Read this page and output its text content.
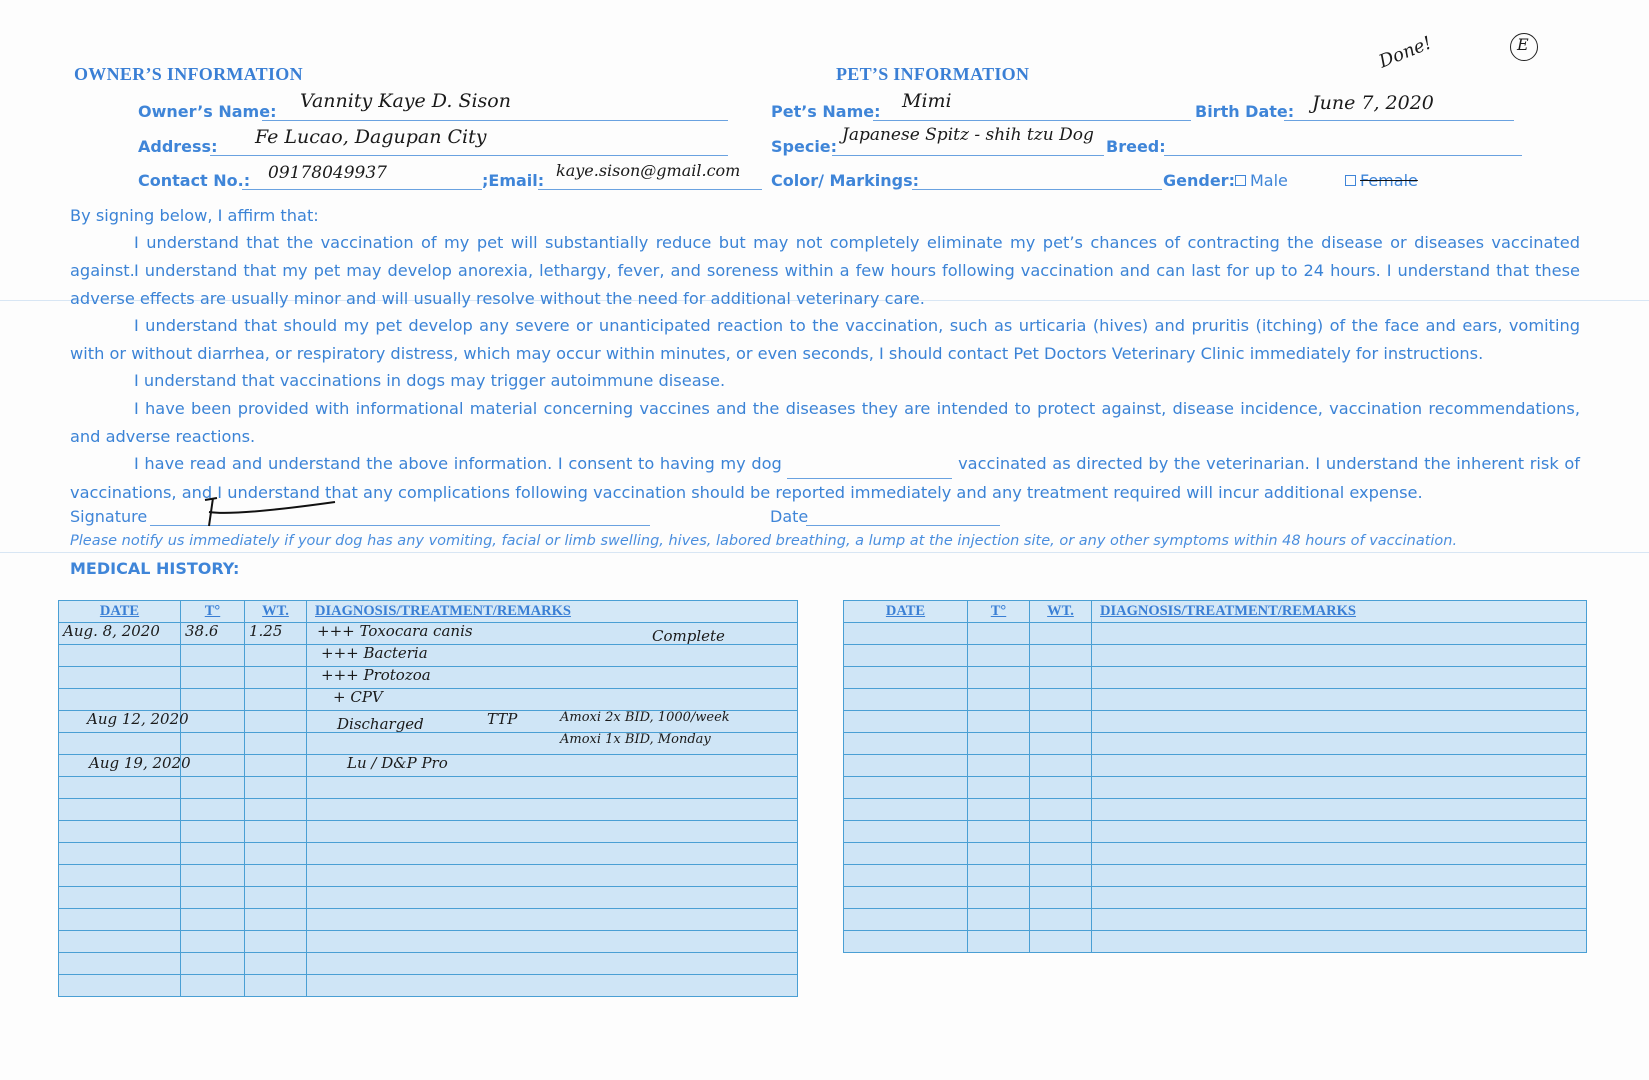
OWNER’S INFORMATION
Owner’s Name: Vannity Kaye D. Sison
Address: Fe Lucao, Dagupan City
Contact No.: 09178049937	;Email:
kaye.sison@gmail.com
PET’S INFORMATION
Pet’s Name: Mimi	Birth Date: June 7, 2020
Specie:
Japanese Spitz - shih tzu Dog
Breed:
Color/ Markings:	Gender: Male	Female
Done!	E
By signing below, I affirm that:
I understand that the vaccination of my pet will substantially reduce but may not completely eliminate my pet’s chances of contracting the disease or diseases vaccinated against. I understand that my pet may develop anorexia, lethargy, fever, and soreness within a few hours following vaccination and can last for up to 24 hours. I understand that these adverse effects are usually minor and will usually resolve without the need for additional veterinary care.
I understand that should my pet develop any severe or unanticipated reaction to the vaccination, such as urticaria (hives) and pruritis (itching) of the face and ears, vomiting with or without diarrhea, or respiratory distress, which may occur within minutes, or even seconds, I should contact Pet Doctors Veterinary Clinic immediately for instructions.
I understand that vaccinations in dogs may trigger autoimmune disease.
I have been provided with informational material concerning vaccines and the diseases they are intended to protect against, disease incidence, vaccination recommendations, and adverse reactions.
I have read and understand the above information. I consent to having my dog	vaccinated as directed by the veterinarian. I understand the inherent risk of vaccinations, and I understand that any complications following vaccination should be reported immediately and any treatment required will incur additional expense.
Signature	Date
Please notify us immediately if your dog has any vomiting, facial or limb swelling, hives, labored breathing, a lump at the injection site, or any other symptoms within 48 hours of vaccination.
MEDICAL HISTORY:
DATE	T°	WT.	DIAGNOSIS/TREATMENT/REMARKS

Aug. 8, 2020	38.6	1.25	+++ Toxocara canis Complete

			+++ Bacteria

			+++ Protozoa

			+ CPV

Aug 12, 2020			Discharged TTP Amoxi 2x BID, 1000/week

			Amoxi 1x BID, Monday

Aug 19, 2020			Lu / D&P Pro

DATE	T°	WT.	DIAGNOSIS/TREATMENT/REMARKS
